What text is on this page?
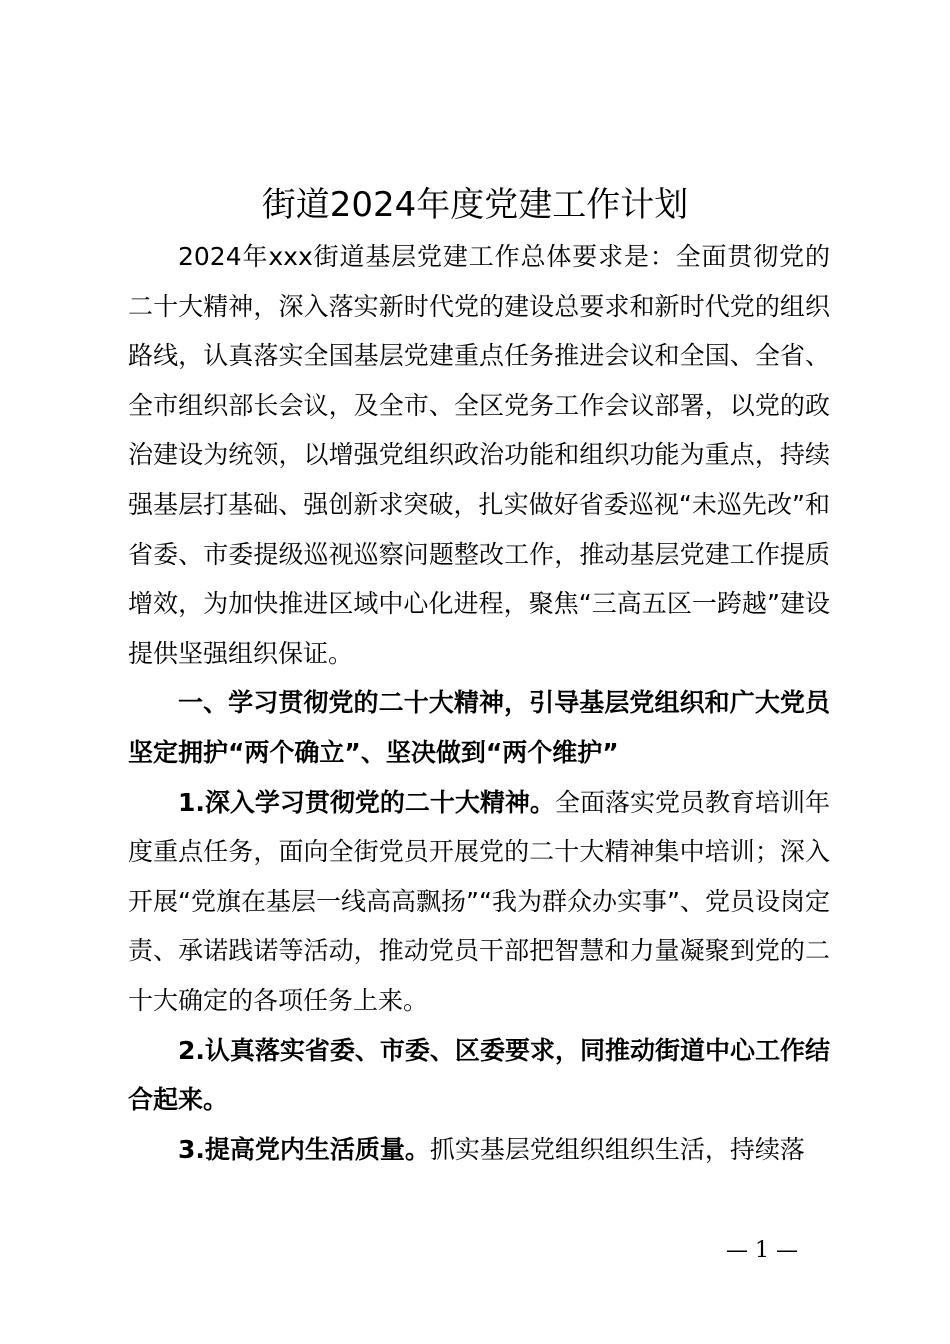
街道2024年度党建工作计划

2024年xxx街道基层党建工作总体要求是：全面贯彻党的二十大精神，深入落实新时代党的建设总要求和新时代党的组织路线，认真落实全国基层党建重点任务推进会议和全国、全省、全市组织部长会议，及全市、全区党务工作会议部署，以党的政治建设为统领，以增强党组织政治功能和组织功能为重点，持续强基层打基础、强创新求突破，扎实做好省委巡视“未巡先改”和省委、市委提级巡视巡察问题整改工作，推动基层党建工作提质增效，为加快推进区域中心化进程，聚焦“三高五区一跨越”建设提供坚强组织保证。

一、学习贯彻党的二十大精神，引导基层党组织和广大党员坚定拥护“两个确立”、坚决做到“两个维护”

1.深入学习贯彻党的二十大精神。全面落实党员教育培训年度重点任务，面向全街党员开展党的二十大精神集中培训；深入开展“党旗在基层一线高高飘扬”“我为群众办实事”、党员设岗定责、承诺践诺等活动，推动党员干部把智慧和力量凝聚到党的二十大确定的各项任务上来。

2.认真落实省委、市委、区委要求，同推动街道中心工作结合起来。

3.提高党内生活质量。抓实基层党组织组织生活，持续落

— 1 —
